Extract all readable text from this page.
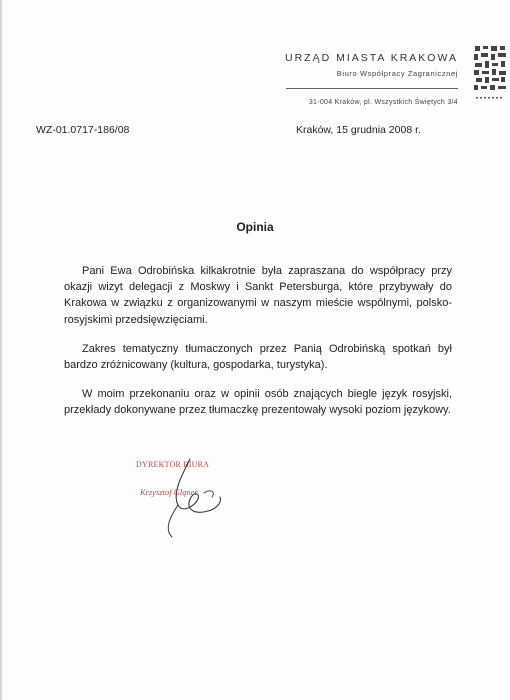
URZĄD MIASTA KRAKOWA
Biuro Współpracy Zagranicznej
31-004 Kraków, pl. Wszystkich Świętych 3/4
WZ-01.0717-186/08	Kraków, 15 grudnia 2008 r.
Opinia

Pani Ewa Odrobińska kilkakrotnie była zapraszana do współpracy przy okazji wizyt delegacji z Moskwy i Sankt Petersburga, które przybywały do Krakowa w związku z organizowanymi w naszym mieście wspólnymi, polsko-rosyjskimi przedsięwzięciami.

Zakres tematyczny tłumaczonych przez Panią Odrobińską spotkań był bardzo zróżnicowany (kultura, gospodarka, turystyka).

W moim przekonaniu oraz w opinii osób znających biegle język rosyjski, przekłady dokonywane przez tłumaczkę prezentowały wysoki poziom językowy.

DYREKTOR BIURA
Krzysztof Głąner
